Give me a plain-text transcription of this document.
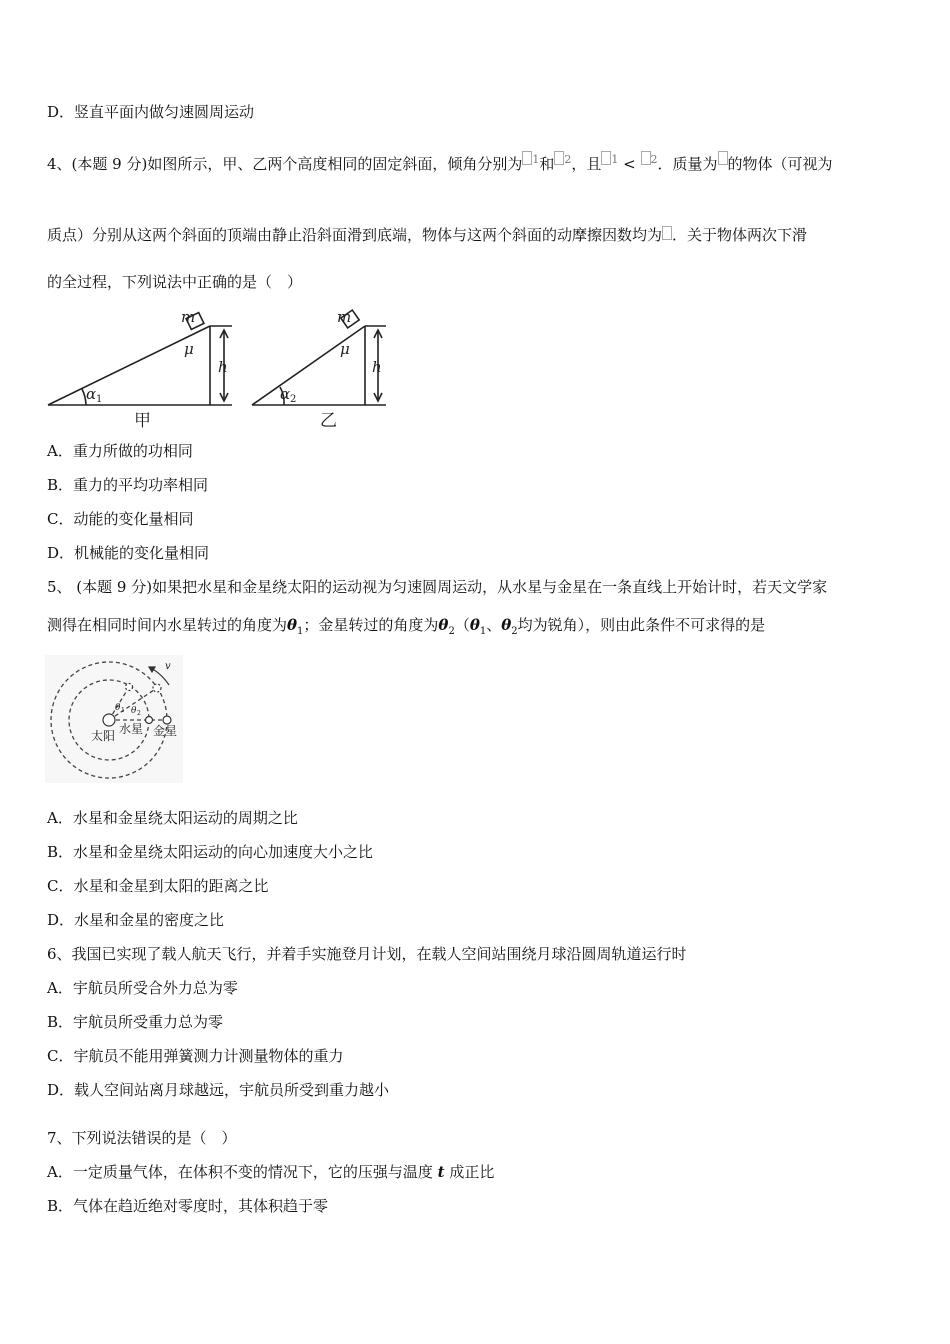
D．竖直平面内做匀速圆周运动
4、(本题 9 分)如图所示，甲、乙两个高度相同的固定斜面，倾角分别为 1和 2，且 1 < 2．质量为 的物体（可视为
质点）分别从这两个斜面的顶端由静止沿斜面滑到底端，物体与这两个斜面的动摩擦因数均为 ．关于物体两次下滑
的全过程，下列说法中正确的是（　）
m
μ
h
α 1
甲
m
μ
h
α 2
乙
A．重力所做的功相同
B．重力的平均功率相同
C．动能的变化量相同
D．机械能的变化量相同
5、 (本题 9 分)如果把水星和金星绕太阳的运动视为匀速圆周运动，从水星与金星在一条直线上开始计时，若天文学家
测得在相同时间内水星转过的角度为$\theta_1$；金星转过的角度为$\theta_2(\theta_1$、$\theta_2$均为锐角），则由此条件不可求得的是
v
θ 1 θ 2
太阳 水星 金星
A．水星和金星绕太阳运动的周期之比
B．水星和金星绕太阳运动的向心加速度大小之比
C．水星和金星到太阳的距离之比
D．水星和金星的密度之比
6、我国已实现了载人航天飞行，并着手实施登月计划，在载人空间站围绕月球沿圆周轨道运行时
A．宇航员所受合外力总为零
B．宇航员所受重力总为零
C．宇航员不能用弹簧测力计测量物体的重力
D．载人空间站离月球越远，宇航员所受到重力越小
7、下列说法错误的是（　）
A．一定质量气体，在体积不变的情况下，它的压强与温度 t 成正比
B．气体在趋近绝对零度时，其体积趋于零
